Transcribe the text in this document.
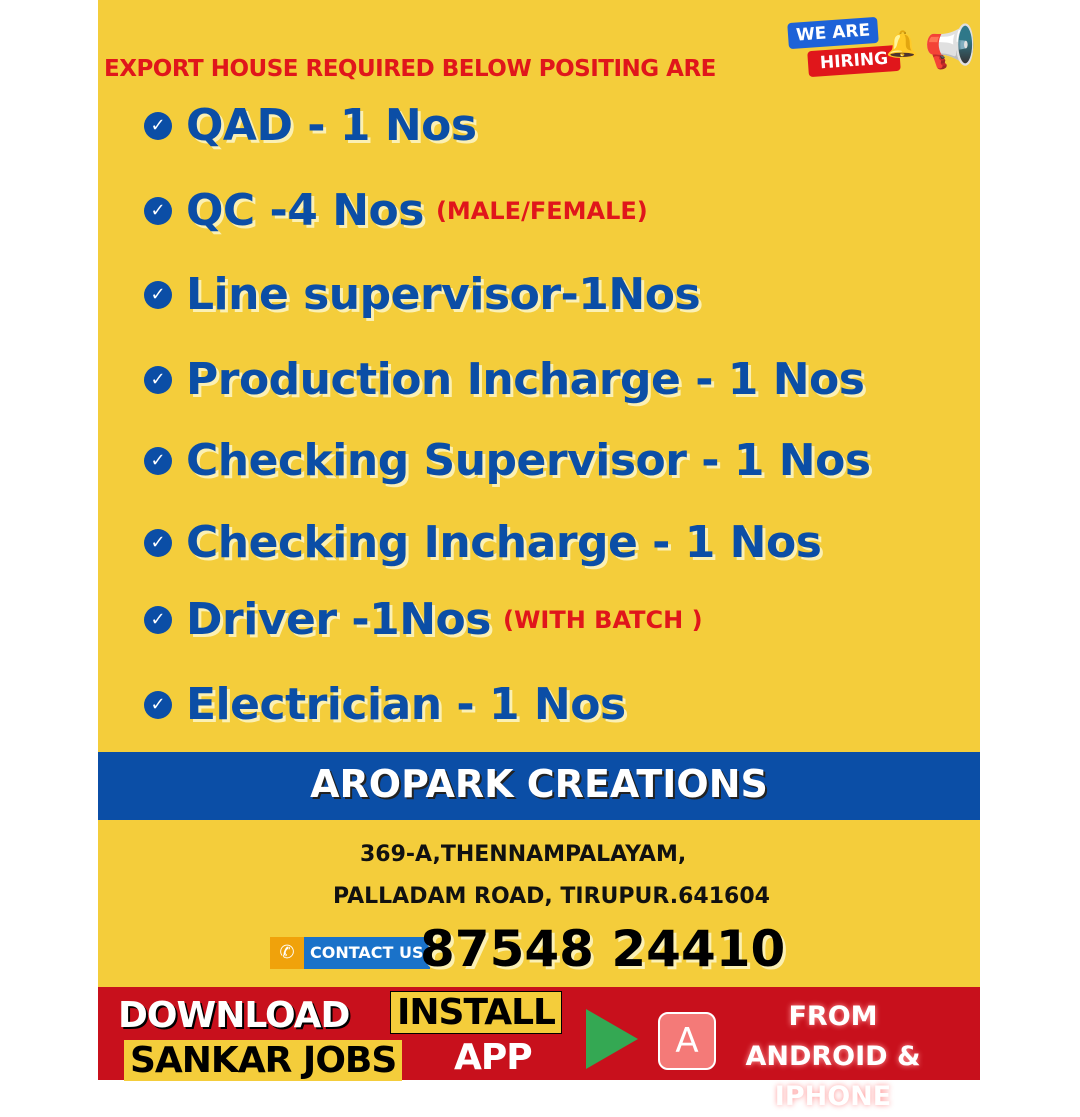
EXPORT HOUSE REQUIRED BELOW POSITING ARE
WE ARE
HIRING
🔔 📢
✓ QAD - 1 Nos
✓ QC -4 Nos (MALE/FEMALE)
✓ Line supervisor-1Nos
✓ Production Incharge - 1 Nos
✓ Checking Supervisor - 1 Nos
✓ Checking Incharge - 1 Nos
✓ Driver -1Nos (WITH BATCH )
✓ Electrician - 1 Nos
AROPARK CREATIONS
369-A,THENNAMPALAYAM,
PALLADAM ROAD, TIRUPUR.641604
✆ CONTACT US
87548 24410
DOWNLOAD INSTALL
SANKAR JOBS APP	A
FROM ANDROID & IPHONE
